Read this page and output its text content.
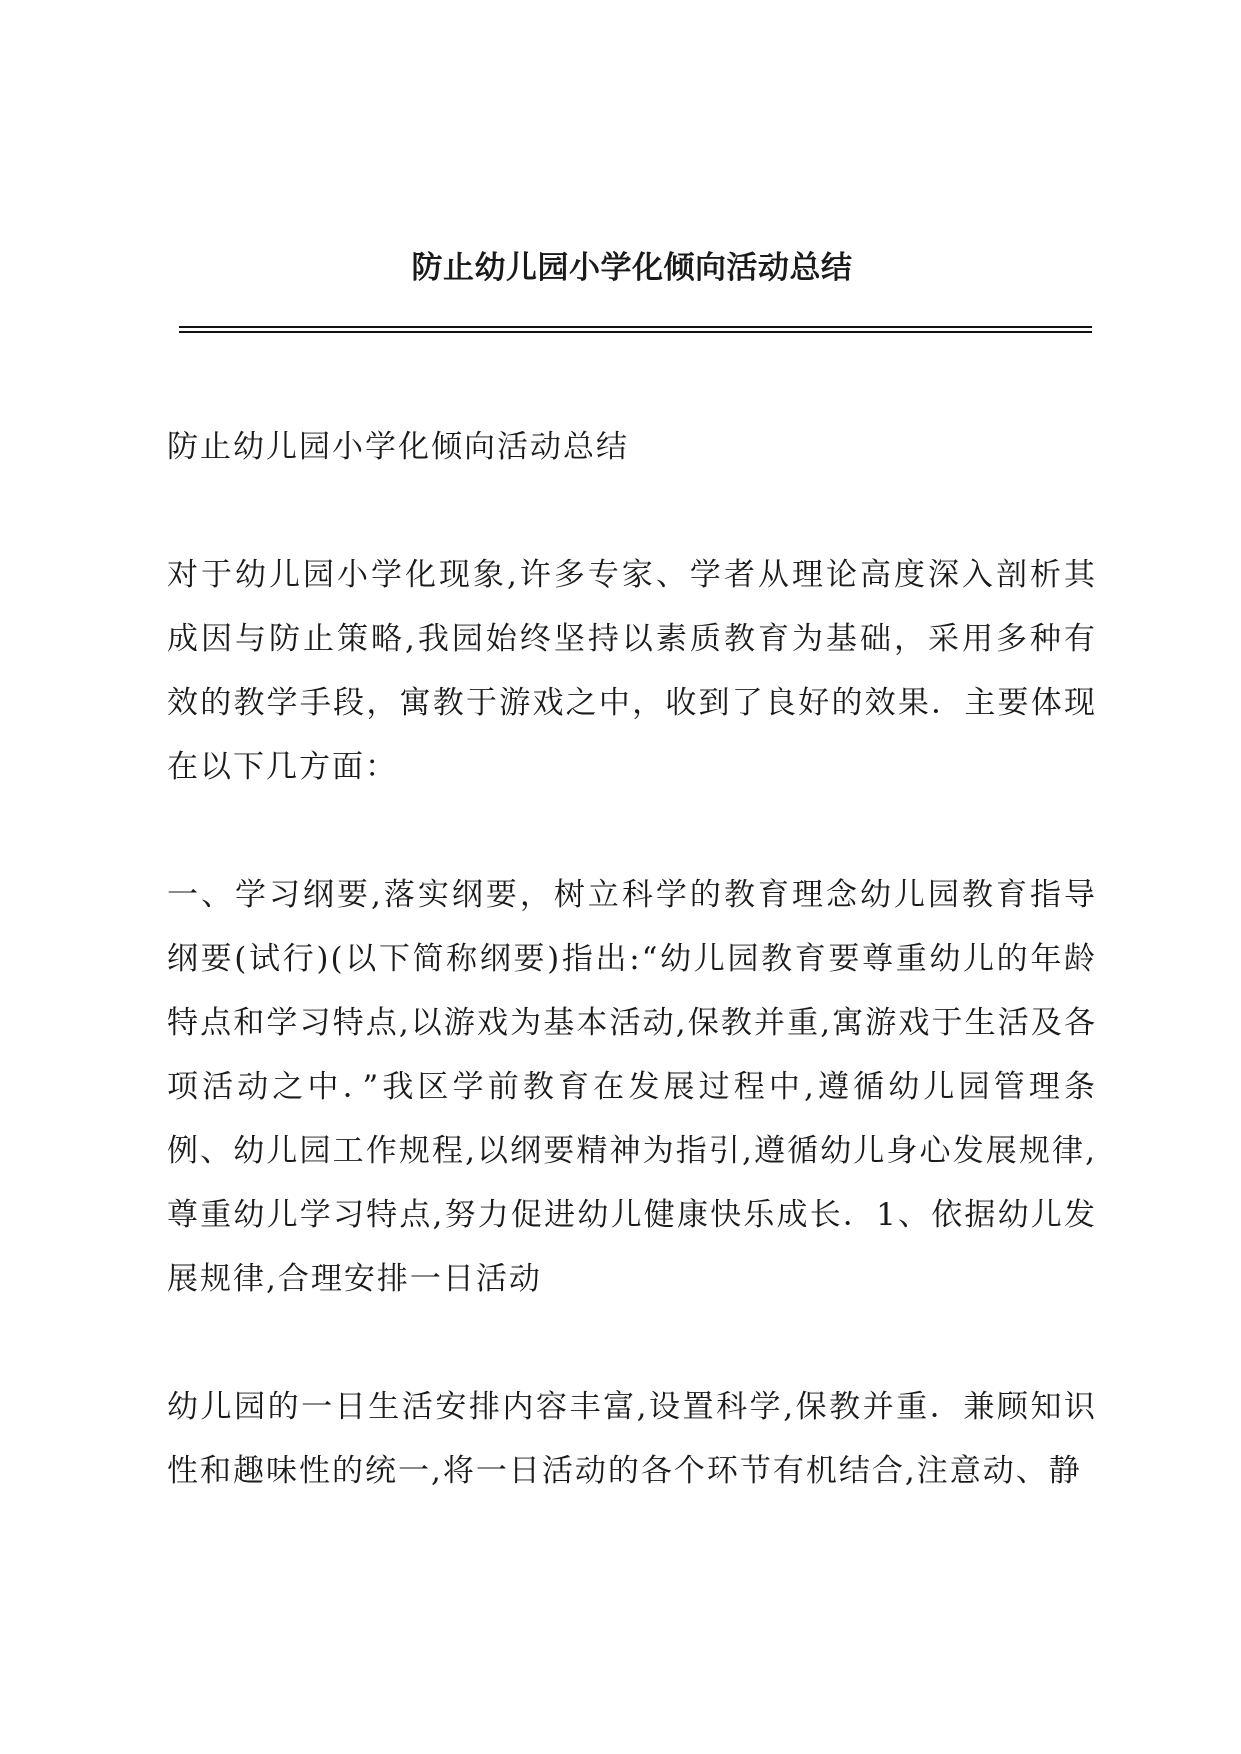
防止幼儿园小学化倾向活动总结

防止幼儿园小学化倾向活动总结

对于幼儿园小学化现象,许多专家、学者从理论高度深入剖析其成因与防止策略,我园始终坚持以素质教育为基础，采用多种有效的教学手段，寓教于游戏之中，收到了良好的效果．主要体现在以下几方面：

一、学习纲要,落实纲要，树立科学的教育理念幼儿园教育指导纲要(试行)(以下简称纲要)指出:“幼儿园教育要尊重幼儿的年龄特点和学习特点,以游戏为基本活动,保教并重,寓游戏于生活及各项活动之中．”我区学前教育在发展过程中,遵循幼儿园管理条例、幼儿园工作规程,以纲要精神为指引,遵循幼儿身心发展规律,尊重幼儿学习特点,努力促进幼儿健康快乐成长．1、依据幼儿发展规律,合理安排一日活动

幼儿园的一日生活安排内容丰富,设置科学,保教并重．兼顾知识性和趣味性的统一,将一日活动的各个环节有机结合,注意动、静
